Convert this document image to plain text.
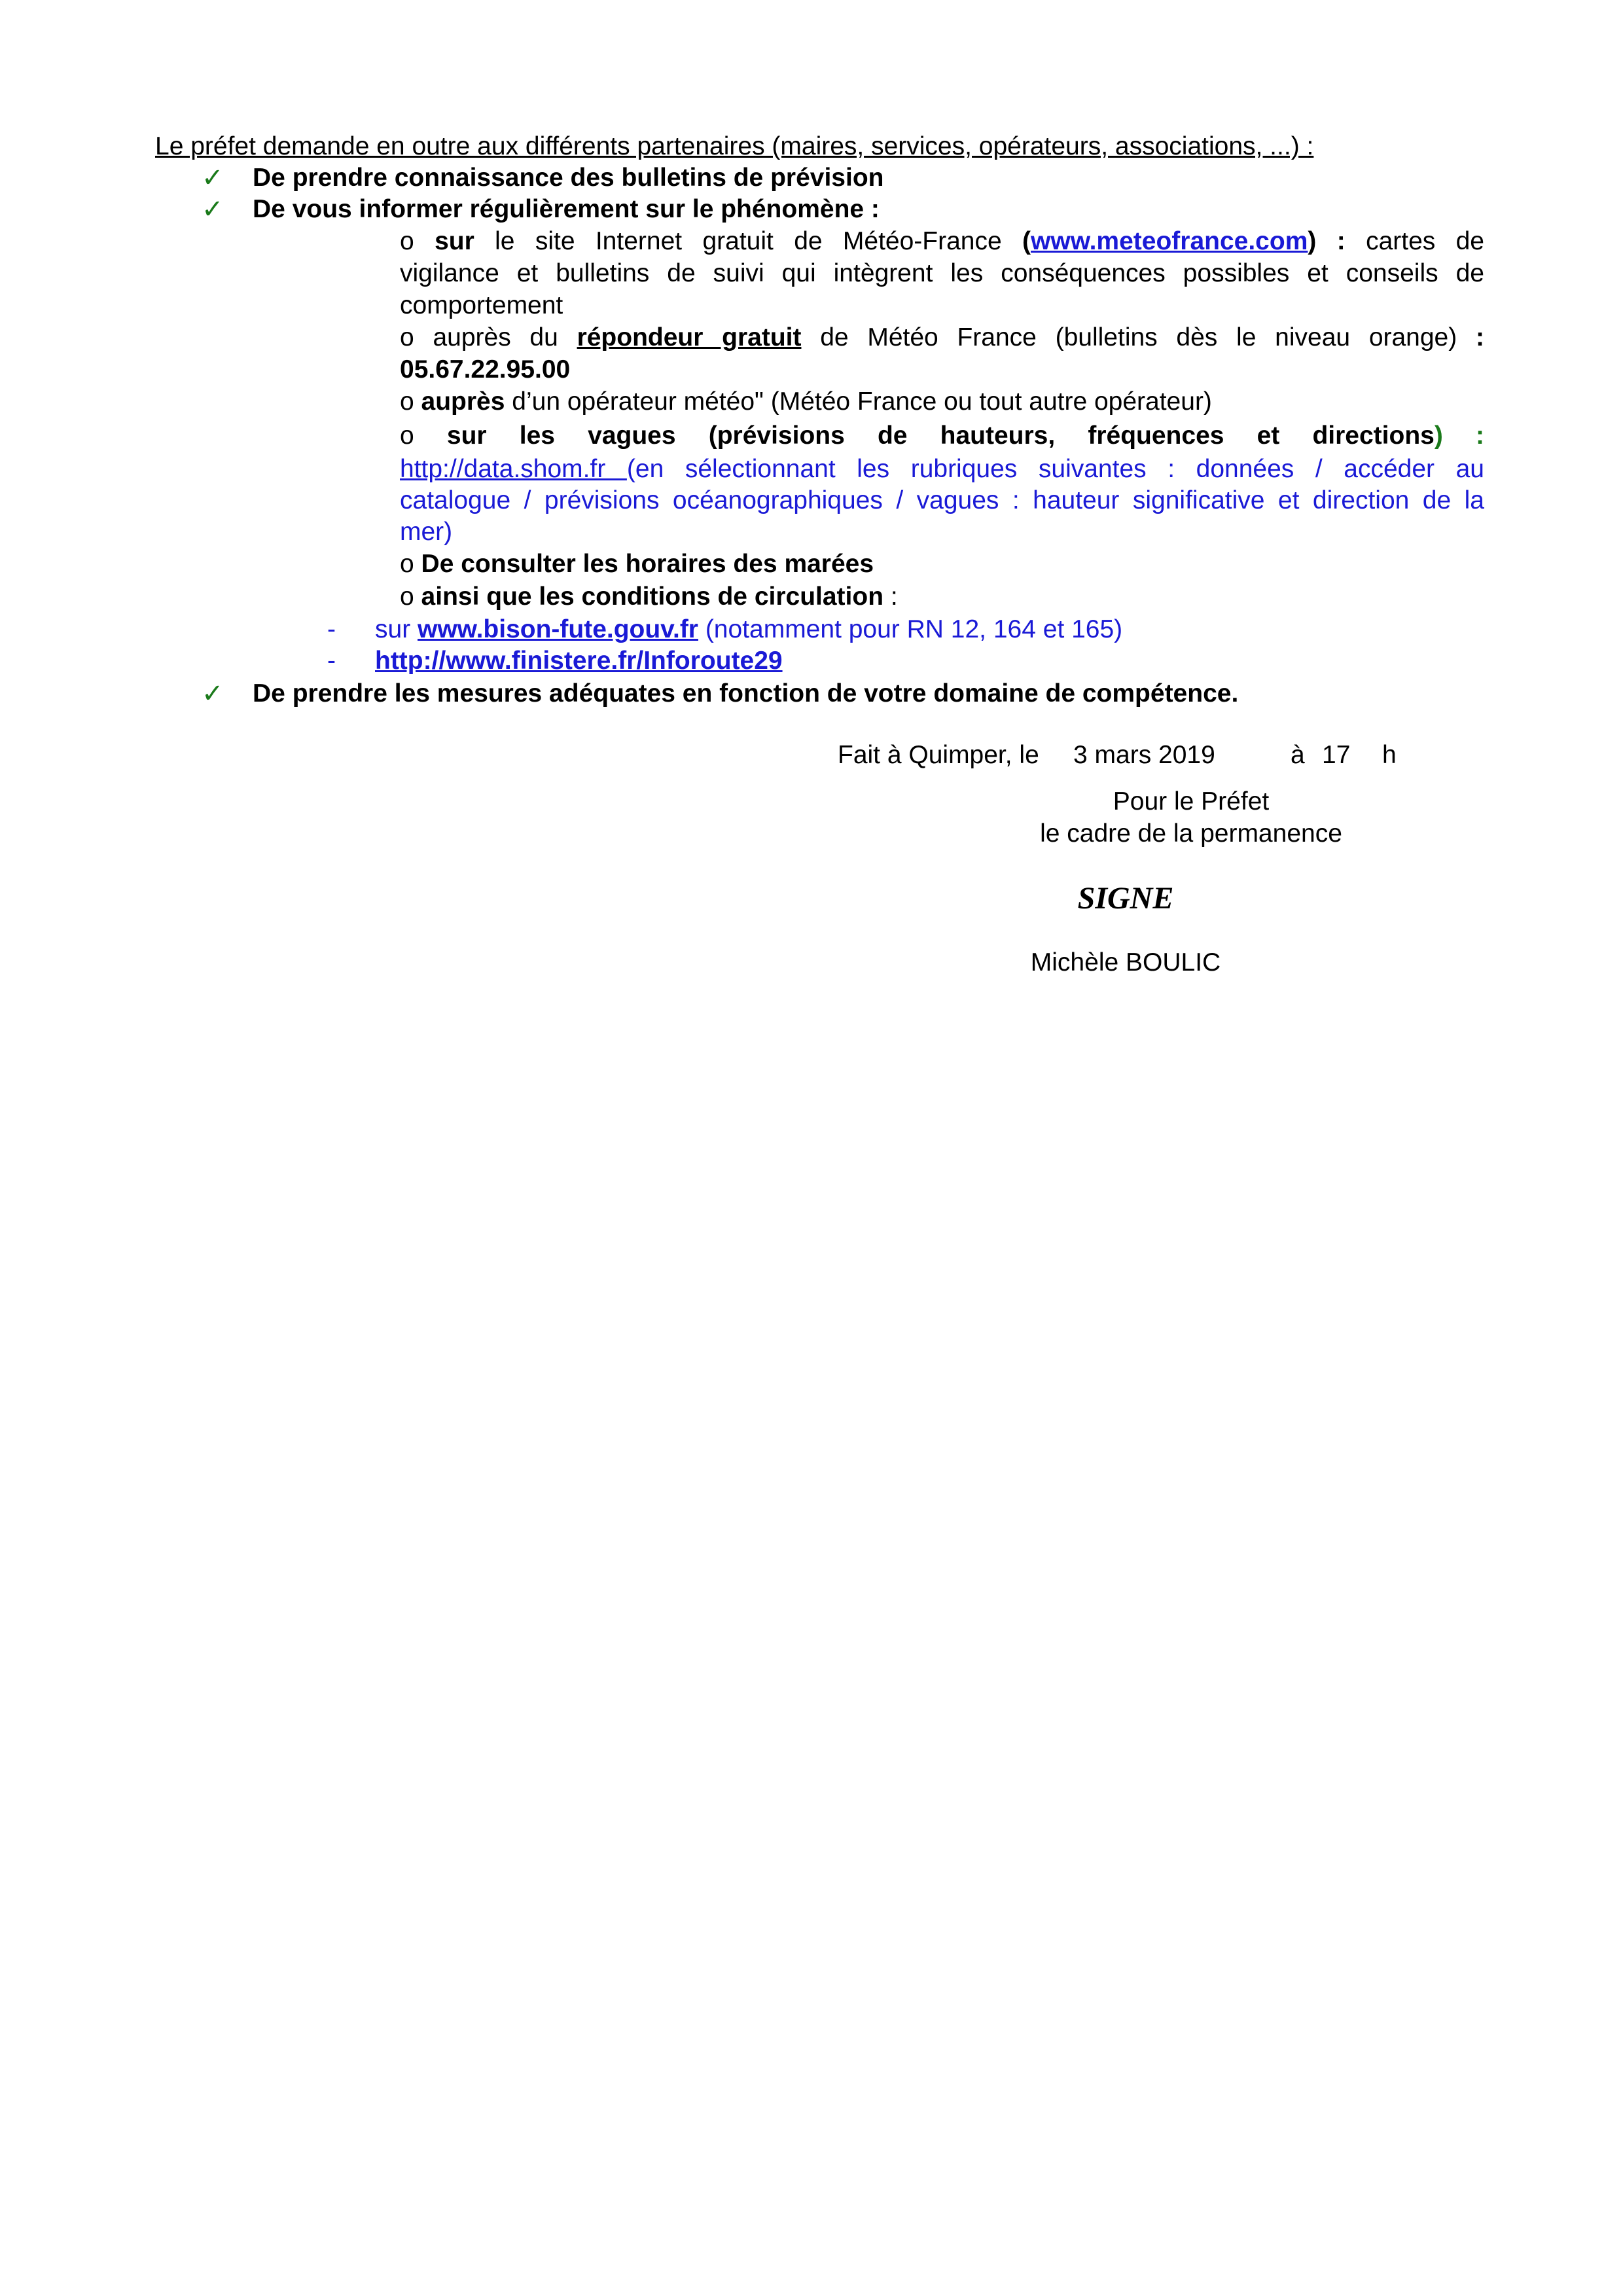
Le préfet demande en outre aux différents partenaires (maires, services, opérateurs, associations, ...) :
✓ De prendre connaissance des bulletins de prévision
✓ De vous informer régulièrement sur le phénomène :
o sur le site Internet gratuit de Météo-France (www.meteofrance.com) : cartes de
vigilance et bulletins de suivi qui intègrent les conséquences possibles et conseils de
comportement
o auprès du répondeur gratuit de Météo France (bulletins dès le niveau orange) :
05.67.22.95.00
o auprès d’un opérateur météo" (Météo France ou tout autre opérateur)
o sur les vagues (prévisions de hauteurs, fréquences et directions) :
http://data.shom.fr (en sélectionnant les rubriques suivantes : données / accéder au
catalogue / prévisions océanographiques / vagues : hauteur significative et direction de la
mer)
o De consulter les horaires des marées
o ainsi que les conditions de circulation :
- sur www.bison-fute.gouv.fr (notamment pour RN 12, 164 et 165)
- http://www.finistere.fr/Inforoute29
✓ De prendre les mesures adéquates en fonction de votre domaine de compétence.
Fait à Quimper, le 3 mars 2019	à 17 h
Pour le Préfet
le cadre de la permanence
SIGNE
Michèle BOULIC
